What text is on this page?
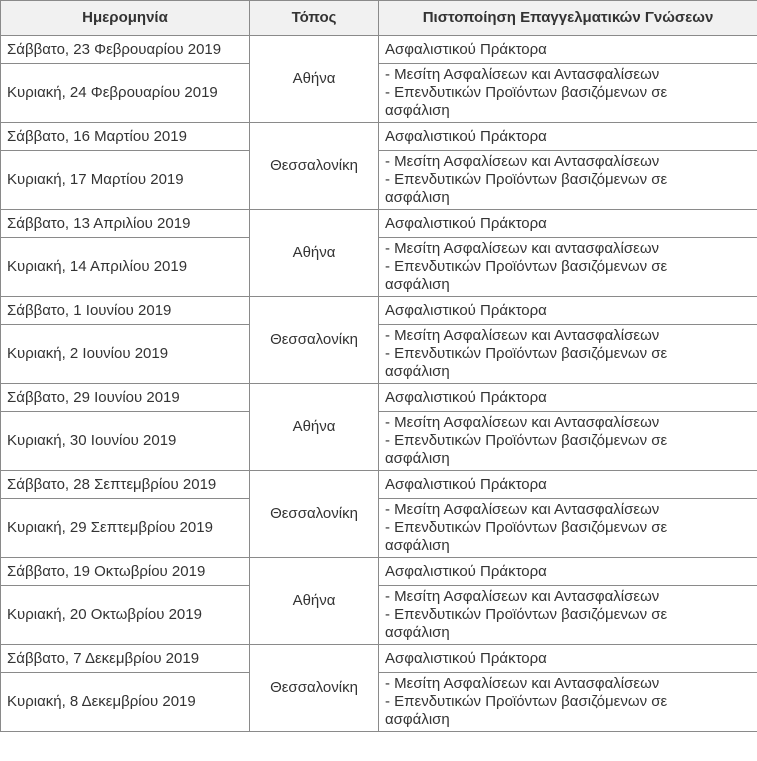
Ημερομηνία	Τόπος	Πιστοποίηση Επαγγελματικών Γνώσεων
Σάββατο, 23 Φεβρουαρίου 2019	Αθήνα	Ασφαλιστικού Πράκτορα
Κυριακή, 24 Φεβρουαρίου 2019		- Μεσίτη Ασφαλίσεων και Αντασφαλίσεων
- Επενδυτικών Προϊόντων βασιζόμενων σε
ασφάλιση

Σάββατο, 16 Μαρτίου 2019	Θεσσαλονίκη	Ασφαλιστικού Πράκτορα
Κυριακή, 17 Μαρτίου 2019		- Μεσίτη Ασφαλίσεων και Αντασφαλίσεων
- Επενδυτικών Προϊόντων βασιζόμενων σε
ασφάλιση

Σάββατο, 13 Απριλίου 2019	Αθήνα	Ασφαλιστικού Πράκτορα
Κυριακή, 14 Απριλίου 2019		- Μεσίτη Ασφαλίσεων και αντασφαλίσεων
- Επενδυτικών Προϊόντων βασιζόμενων σε
ασφάλιση

Σάββατο, 1 Ιουνίου 2019	Θεσσαλονίκη	Ασφαλιστικού Πράκτορα
Κυριακή, 2 Ιουνίου 2019		- Μεσίτη Ασφαλίσεων και Αντασφαλίσεων
- Επενδυτικών Προϊόντων βασιζόμενων σε
ασφάλιση

Σάββατο, 29 Ιουνίου 2019	Αθήνα	Ασφαλιστικού Πράκτορα
Κυριακή, 30 Ιουνίου 2019		- Μεσίτη Ασφαλίσεων και Αντασφαλίσεων
- Επενδυτικών Προϊόντων βασιζόμενων σε
ασφάλιση

Σάββατο, 28 Σεπτεμβρίου 2019	Θεσσαλονίκη	Ασφαλιστικού Πράκτορα
Κυριακή, 29 Σεπτεμβρίου 2019		- Μεσίτη Ασφαλίσεων και Αντασφαλίσεων
- Επενδυτικών Προϊόντων βασιζόμενων σε
ασφάλιση

Σάββατο, 19 Οκτωβρίου 2019	Αθήνα	Ασφαλιστικού Πράκτορα
Κυριακή, 20 Οκτωβρίου 2019		- Μεσίτη Ασφαλίσεων και Αντασφαλίσεων
- Επενδυτικών Προϊόντων βασιζόμενων σε
ασφάλιση

Σάββατο, 7 Δεκεμβρίου 2019	Θεσσαλονίκη	Ασφαλιστικού Πράκτορα
Κυριακή, 8 Δεκεμβρίου 2019		- Μεσίτη Ασφαλίσεων και Αντασφαλίσεων
- Επενδυτικών Προϊόντων βασιζόμενων σε
ασφάλιση
